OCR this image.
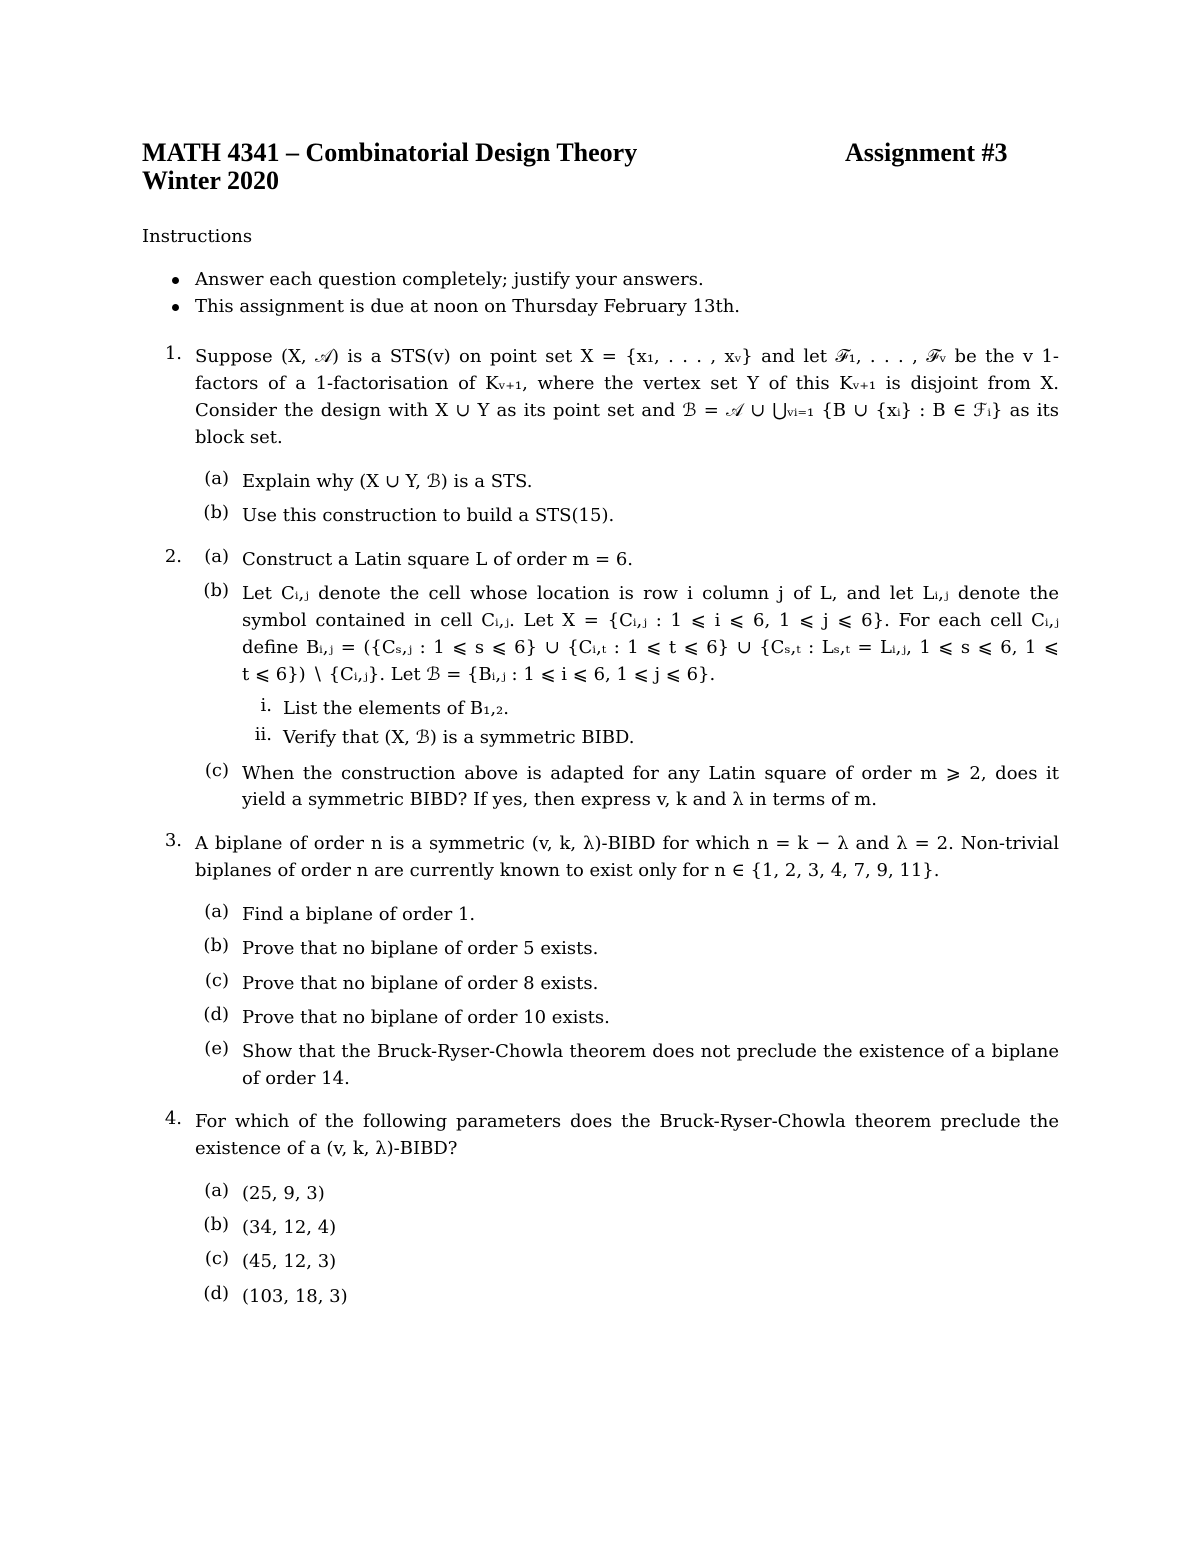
MATH 4341 – Combinatorial Design Theory	Assignment #3
Winter 2020
Instructions
Answer each question completely; justify your answers.
This assignment is due at noon on Thursday February 13th.
1. Suppose (X, 𝒜) is a STS(v) on point set X = {x₁, . . . , xᵥ} and let ℱ₁, . . . , ℱᵥ be the v 1-
factors of a 1-factorisation of Kᵥ₊₁, where the vertex set Y of this Kᵥ₊₁ is disjoint from X.
Consider the design with X ∪ Y as its point set and ℬ = 𝒜 ∪ ⋃ᵥᵢ₌₁ {B ∪ {xᵢ} : B ∈ ℱᵢ} as its
block set.
(a) Explain why (X ∪ Y, ℬ) is a STS.
(b) Use this construction to build a STS(15).
2.	(a) Construct a Latin square L of order m = 6.
(b) Let Cᵢ,ⱼ denote the cell whose location is row i column j of L, and let Lᵢ,ⱼ denote the
symbol contained in cell Cᵢ,ⱼ. Let X = {Cᵢ,ⱼ : 1 ⩽ i ⩽ 6, 1 ⩽ j ⩽ 6}. For each cell Cᵢ,ⱼ
define Bᵢ,ⱼ = ({Cₛ,ⱼ : 1 ⩽ s ⩽ 6} ∪ {Cᵢ,ₜ : 1 ⩽ t ⩽ 6} ∪ {Cₛ,ₜ : Lₛ,ₜ = Lᵢ,ⱼ, 1 ⩽ s ⩽ 6, 1 ⩽
t ⩽ 6}) ∖ {Cᵢ,ⱼ}. Let ℬ = {Bᵢ,ⱼ : 1 ⩽ i ⩽ 6, 1 ⩽ j ⩽ 6}.
i. List the elements of B₁,₂.
ii. Verify that (X, ℬ) is a symmetric BIBD.
(c) When the construction above is adapted for any Latin square of order m ⩾ 2, does it
yield a symmetric BIBD? If yes, then express v, k and λ in terms of m.
3. A biplane of order n is a symmetric (v, k, λ)-BIBD for which n = k − λ and λ = 2. Non-trivial
biplanes of order n are currently known to exist only for n ∈ {1, 2, 3, 4, 7, 9, 11}.
(a) Find a biplane of order 1.
(b) Prove that no biplane of order 5 exists.
(c) Prove that no biplane of order 8 exists.
(d) Prove that no biplane of order 10 exists.
(e) Show that the Bruck-Ryser-Chowla theorem does not preclude the existence of a biplane
of order 14.
4. For which of the following parameters does the Bruck-Ryser-Chowla theorem preclude the
existence of a (v, k, λ)-BIBD?
(a) (25, 9, 3)
(b) (34, 12, 4)
(c) (45, 12, 3)
(d) (103, 18, 3)
